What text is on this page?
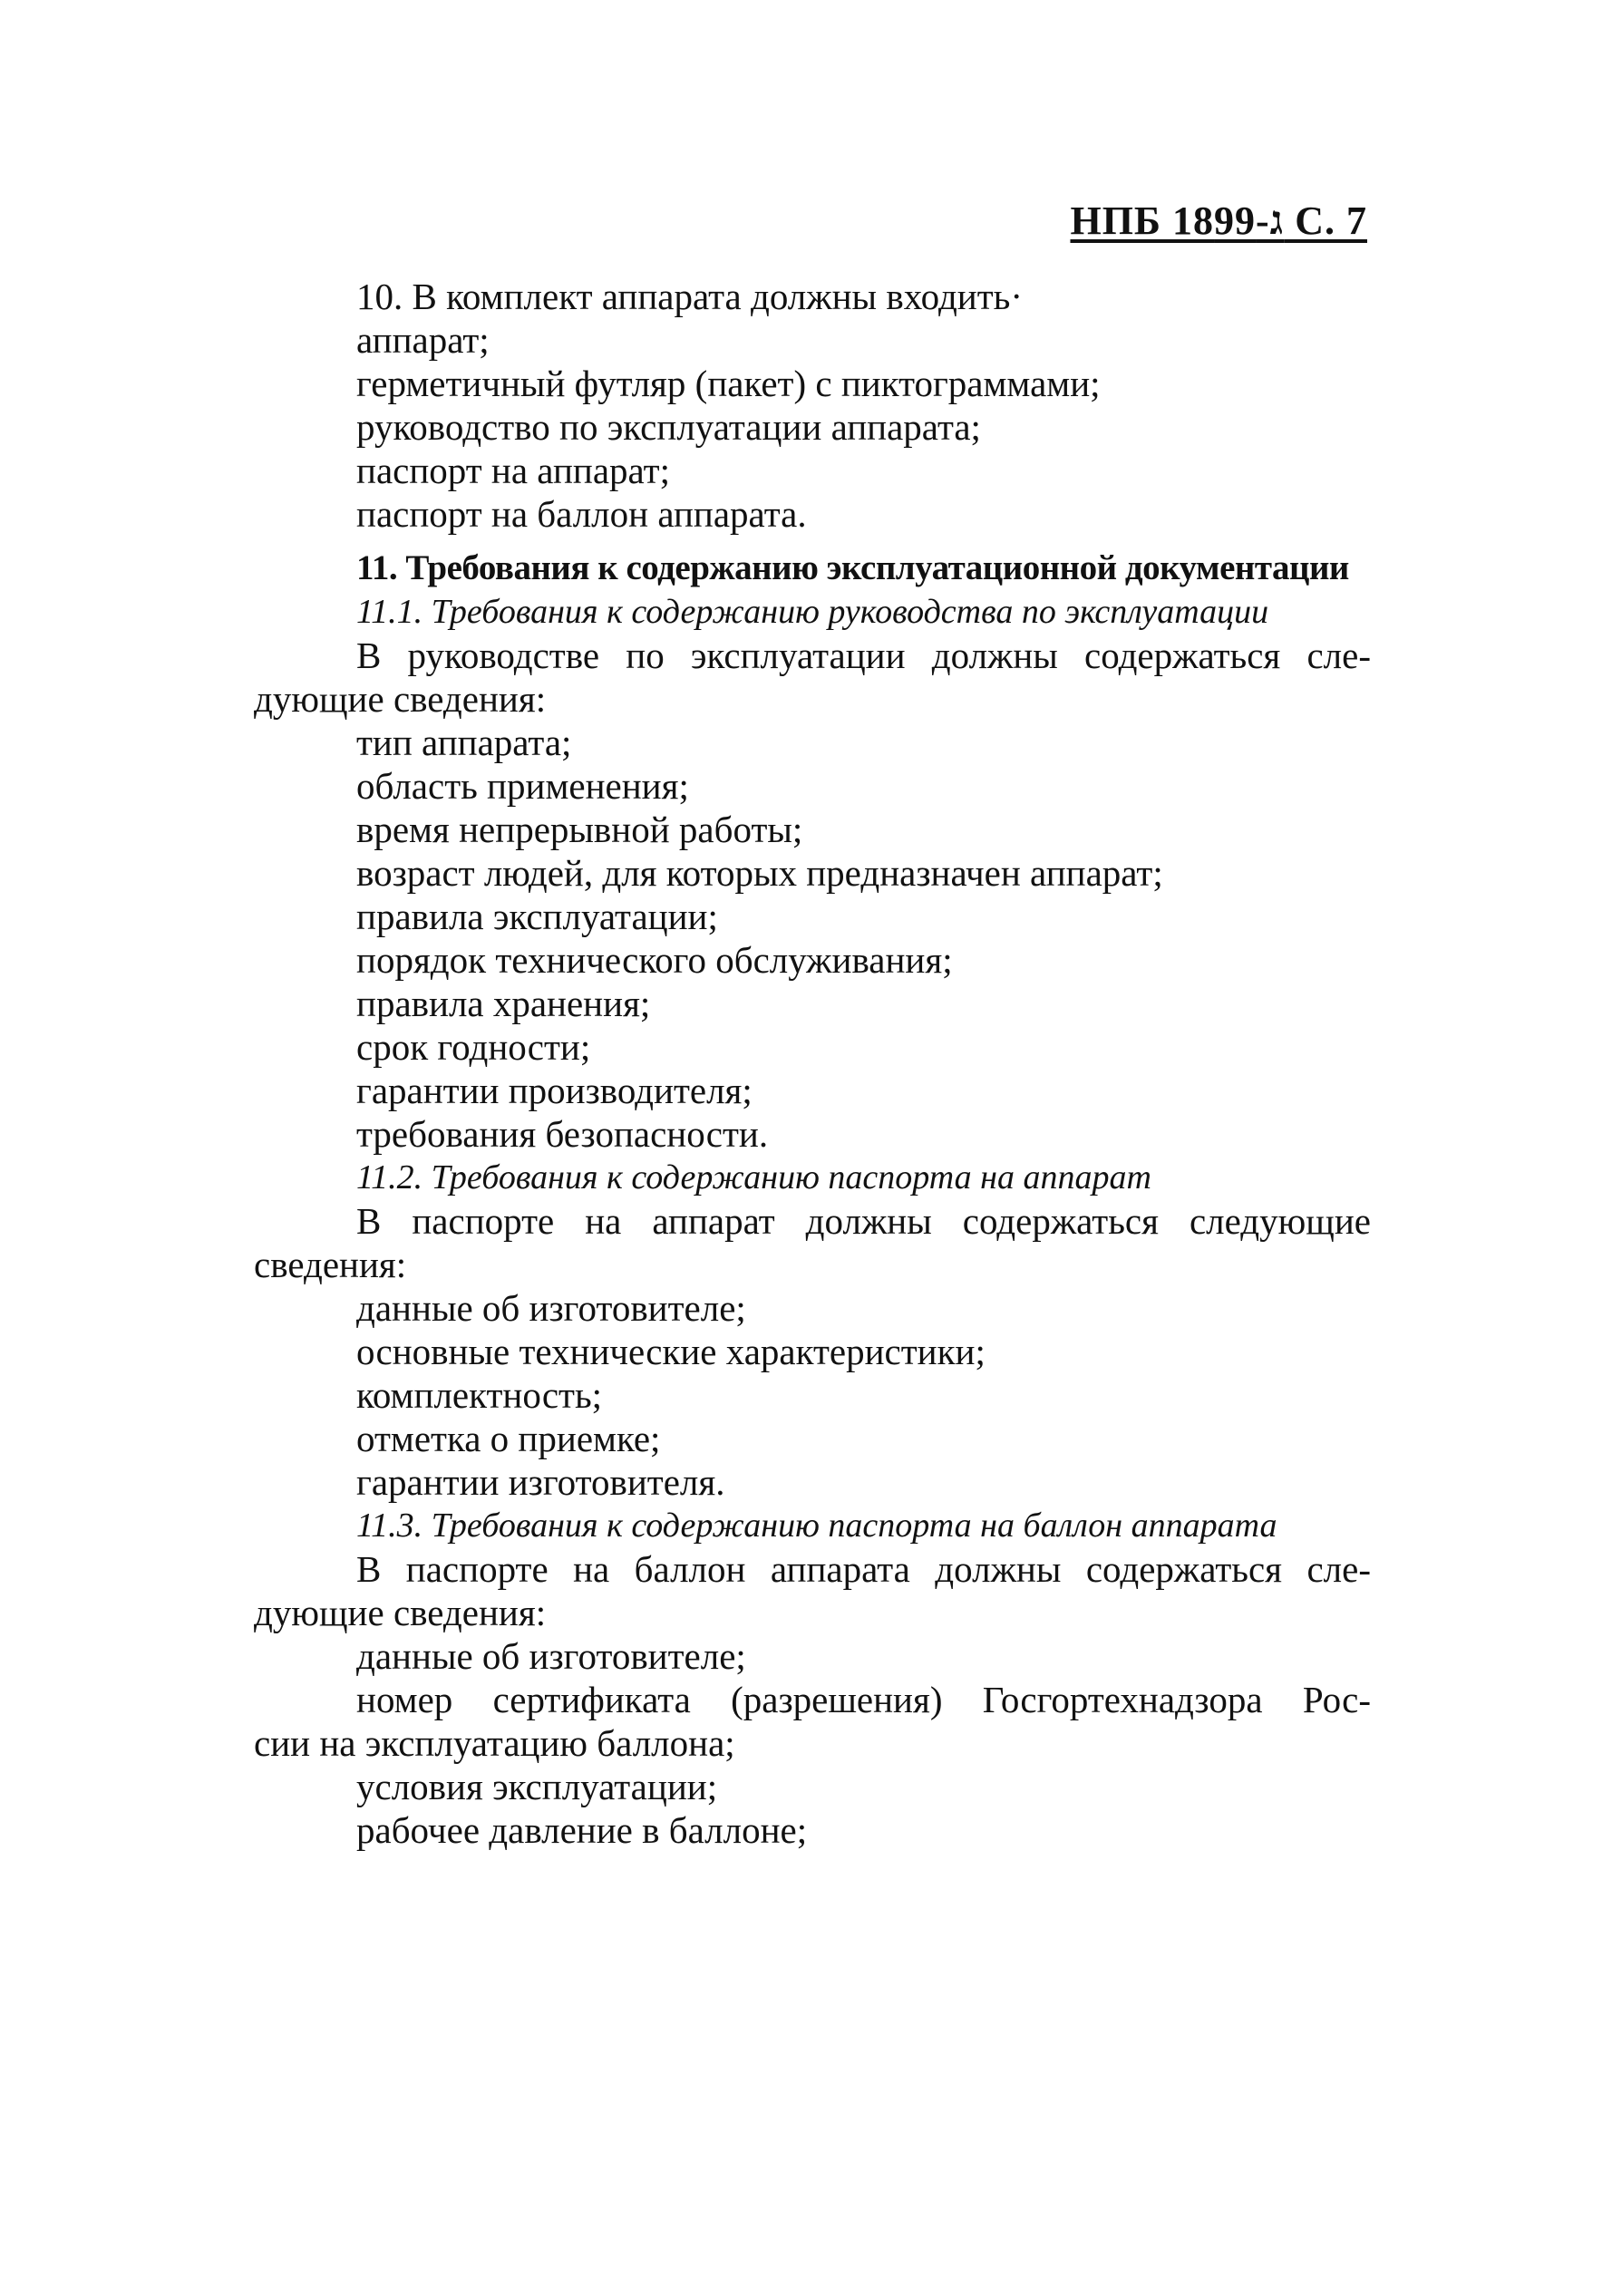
НПБ 18ג-99 С. 7
10. В комплект аппарата должны входить·
аппарат;
герметичный футляр (пакет) с пиктограммами;
руководство по эксплуатации аппарата;
паспорт на аппарат;
паспорт на баллон аппарата.
11. Требования к содержанию эксплуатационной документации
11.1. Требования к содержанию руководства по эксплуатации
В руководстве по эксплуатации должны содержаться сле-
дующие сведения:
тип аппарата;
область применения;
время непрерывной работы;
возраст людей, для которых предназначен аппарат;
правила эксплуатации;
порядок технического обслуживания;
правила хранения;
срок годности;
гарантии производителя;
требования безопасности.
11.2. Требования к содержанию паспорта на аппарат
В паспорте на аппарат должны содержаться следующие
сведения:
данные об изготовителе;
основные технические характеристики;
комплектность;
отметка о приемке;
гарантии изготовителя.
11.3. Требования к содержанию паспорта на баллон аппарата
В паспорте на баллон аппарата должны содержаться сле-
дующие сведения:
данные об изготовителе;
номер сертификата (разрешения) Госгортехнадзора Рос-
сии на эксплуатацию баллона;
условия эксплуатации;
рабочее давление в баллоне;
